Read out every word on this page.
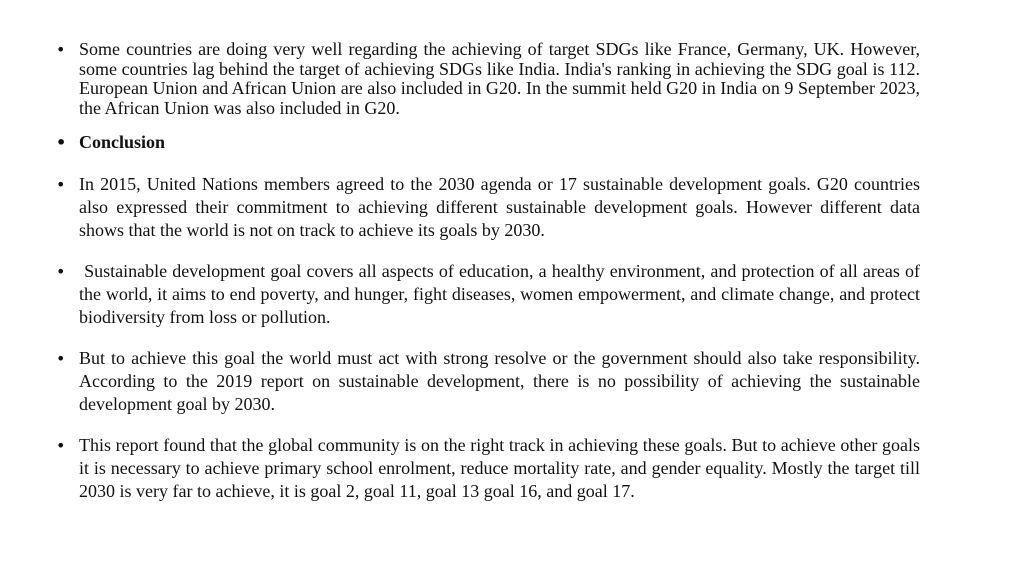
• Some countries are doing very well regarding the achieving of target SDGs like France, Germany, UK. However, some countries lag behind the target of achieving SDGs like India. India's ranking in achieving the SDG goal is 112. European Union and African Union are also included in G20. In the summit held G20 in India on 9 September 2023, the African Union was also included in G20.
• Conclusion
• In 2015, United Nations members agreed to the 2030 agenda or 17 sustainable development goals. G20 countries also expressed their commitment to achieving different sustainable development goals. However different data shows that the world is not on track to achieve its goals by 2030.
• Sustainable development goal covers all aspects of education, a healthy environment, and protection of all areas of the world, it aims to end poverty, and hunger, fight diseases, women empowerment, and climate change, and protect biodiversity from loss or pollution.
• But to achieve this goal the world must act with strong resolve or the government should also take responsibility. According to the 2019 report on sustainable development, there is no possibility of achieving the sustainable development goal by 2030.
• This report found that the global community is on the right track in achieving these goals. But to achieve other goals it is necessary to achieve primary school enrolment, reduce mortality rate, and gender equality. Mostly the target till 2030 is very far to achieve, it is goal 2, goal 11, goal 13 goal 16, and goal 17.
